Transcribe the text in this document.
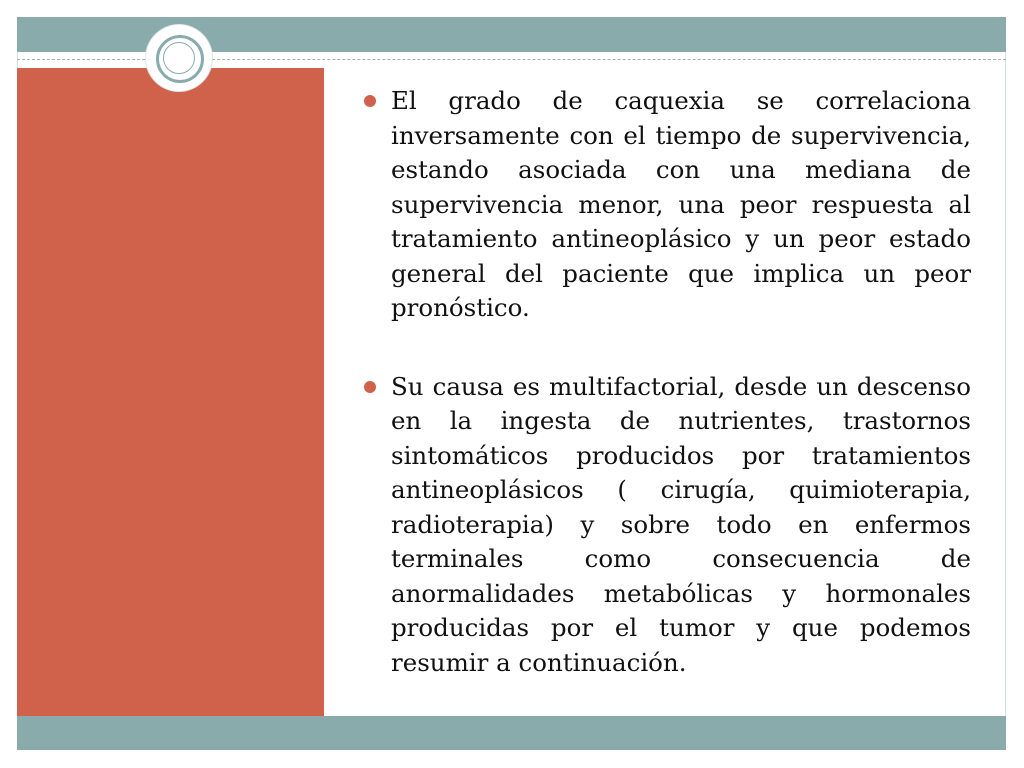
El grado de caquexia se correlaciona inversamente con el tiempo de supervivencia, estando asociada con una mediana de supervivencia menor, una peor respuesta al tratamiento antineoplásico y un peor estado general del paciente que implica un peor pronóstico.

Su causa es multifactorial, desde un descenso en la ingesta de nutrientes, trastornos sintomáticos producidos por tratamientos antineoplásicos ( cirugía, quimioterapia, radioterapia) y sobre todo en enfermos terminales como consecuencia de anormalidades metabólicas y hormonales producidas por el tumor y que podemos resumir a continuación.
